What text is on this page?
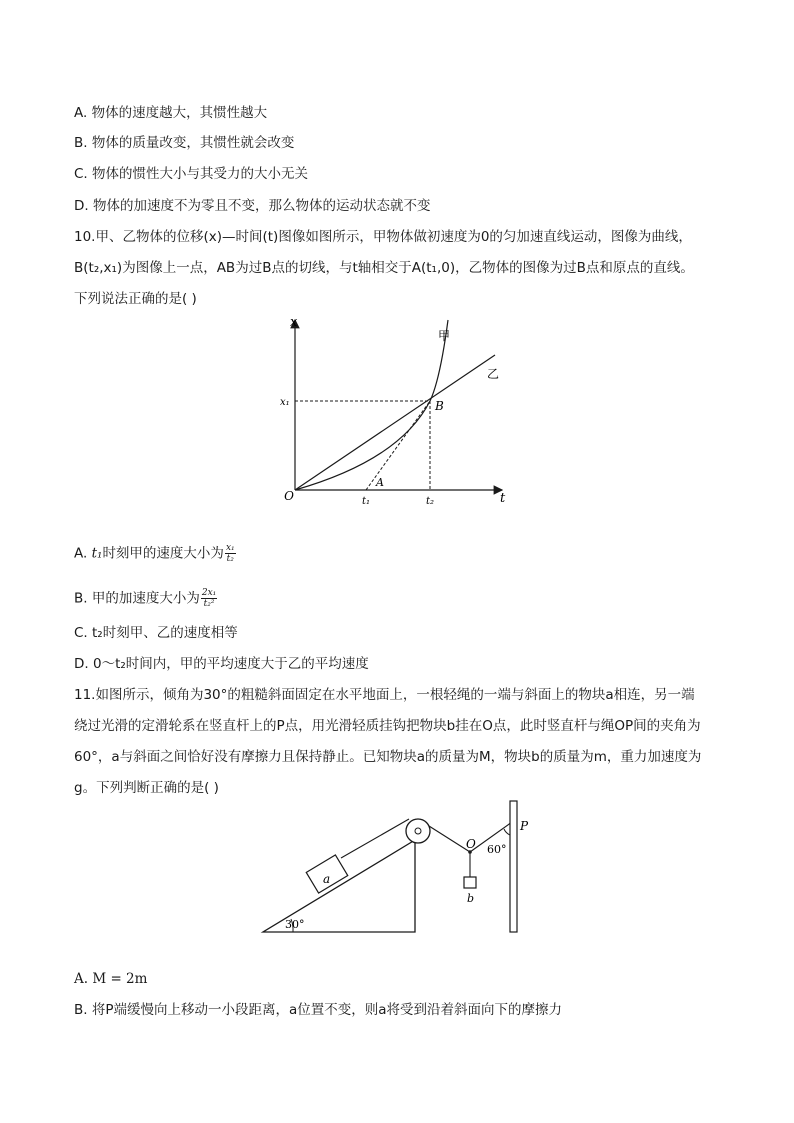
A. 物体的速度越大，其惯性越大
B. 物体的质量改变，其惯性就会改变
C. 物体的惯性大小与其受力的大小无关
D. 物体的加速度不为零且不变，那么物体的运动状态就不变
10.甲、乙物体的位移(x)—时间(t)图像如图所示，甲物体做初速度为0的匀加速直线运动，图像为曲线，
B(t₂,x₁)为图像上一点，AB为过B点的切线，与t轴相交于A(t₁,0)，乙物体的图像为过B点和原点的直线。
下列说法正确的是( )
O	t
x
甲
乙
B
A
x₁
t₁	t₂
A. t₁时刻甲的速度大小为 $\frac{\text{x₁}}{\text{t₂}}$
B. 甲的加速度大小为 $\frac{\text{2x₁}}{\text{t₂²}}$
C. t₂时刻甲、乙的速度相等
D. 0～t₂时间内，甲的平均速度大于乙的平均速度
11.如图所示，倾角为30°的粗糙斜面固定在水平地面上，一根轻绳的一端与斜面上的物块a相连，另一端
绕过光滑的定滑轮系在竖直杆上的P点，用光滑轻质挂钩把物块b挂在O点，此时竖直杆与绳OP间的夹角为
60°，a与斜面之间恰好没有摩擦力且保持静止。已知物块a的质量为M，物块b的质量为m，重力加速度为
g。下列判断正确的是( )
30°
a
O
b
P
60°
A. M = 2m
B. 将P端缓慢向上移动一小段距离，a位置不变，则a将受到沿着斜面向下的摩擦力
